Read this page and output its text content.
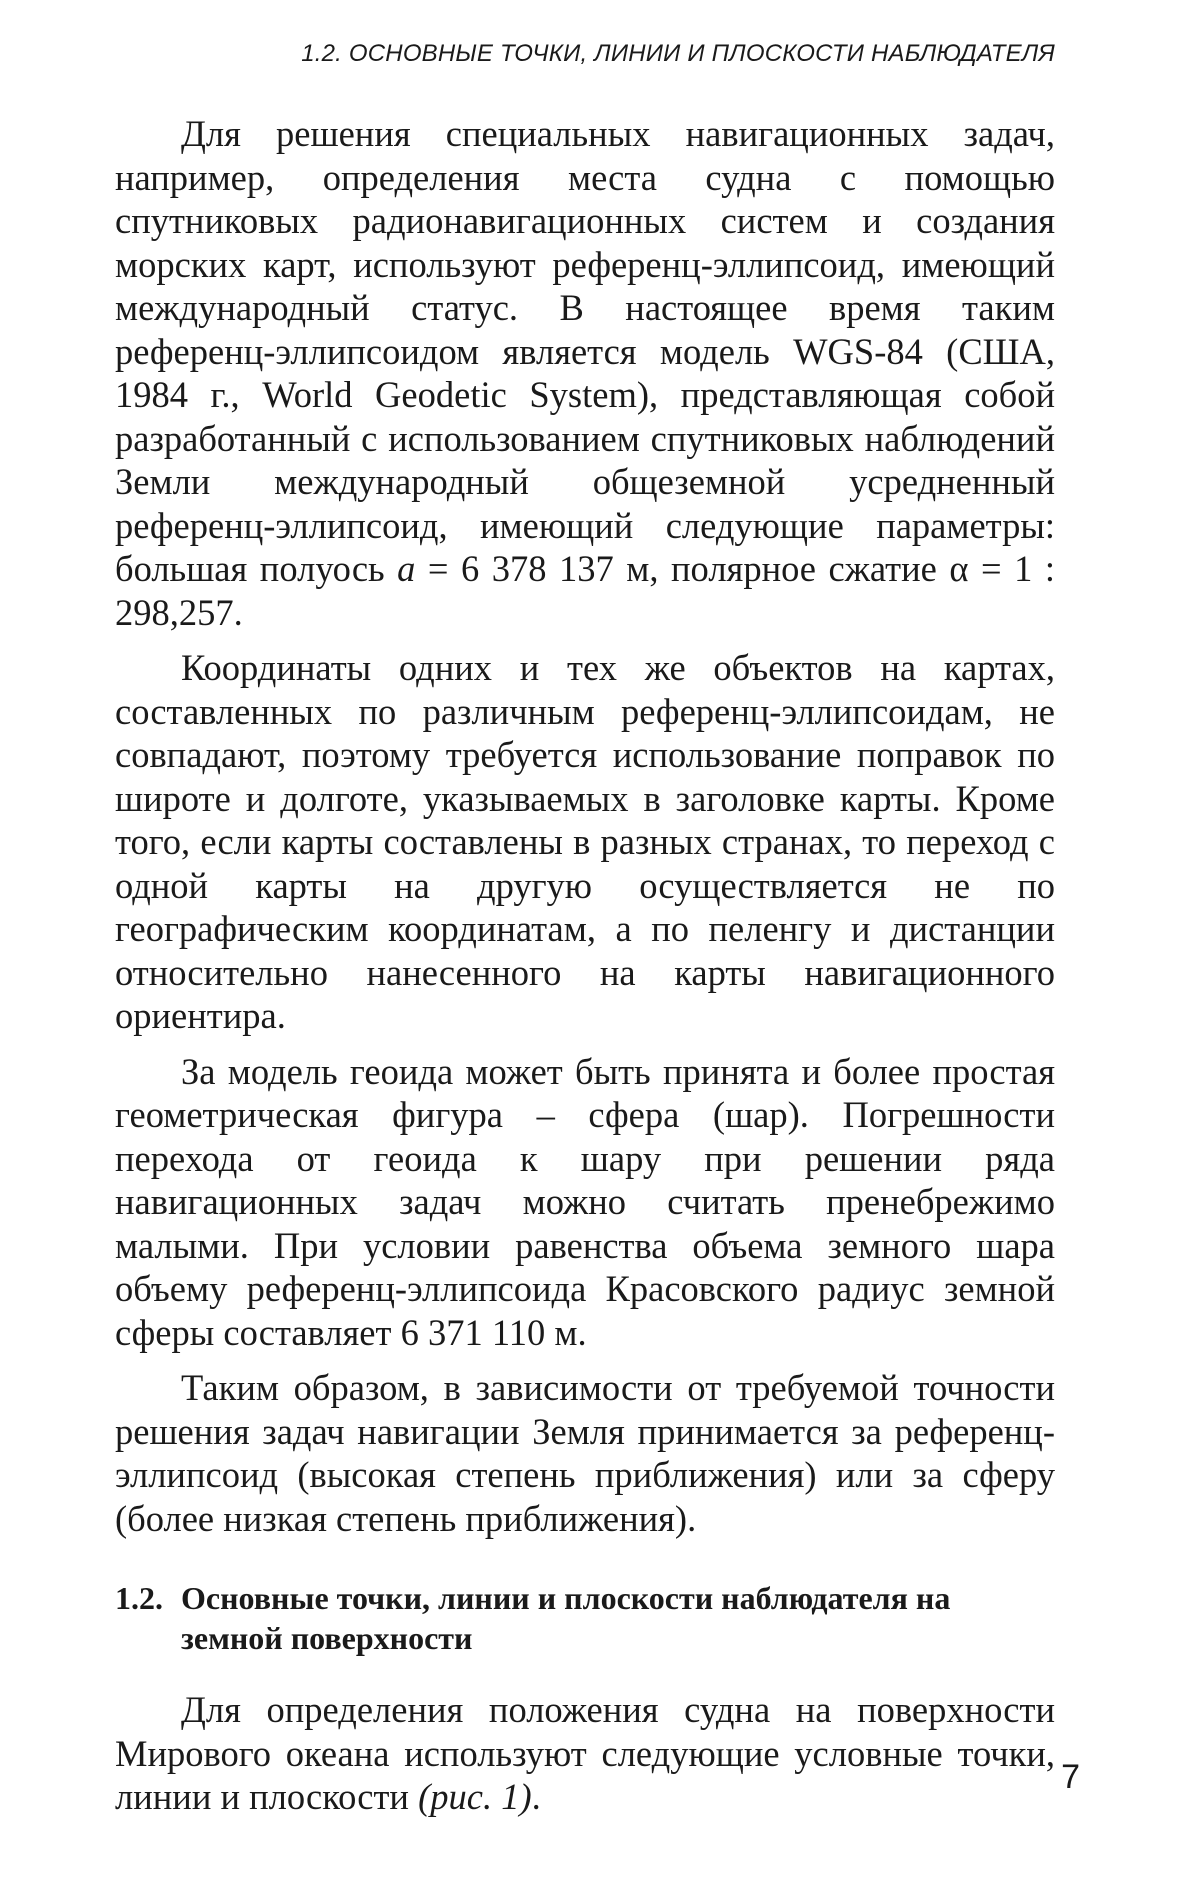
1.2. ОСНОВНЫЕ ТОЧКИ, ЛИНИИ И ПЛОСКОСТИ НАБЛЮДАТЕЛЯ

Для решения специальных навигационных задач, например, определения места судна с помощью спутниковых радионавигационных систем и создания морских карт, используют референц-эллипсоид, имеющий международный статус. В настоящее время таким референц-эллипсоидом является модель WGS-84 (США, 1984 г., World Geodetic System), представляющая собой разработанный с использованием спутниковых наблюдений Земли международный общеземной усредненный референц-эллипсоид, имеющий следующие параметры: большая полуось a = 6 378 137 м, полярное сжатие α = 1 : 298,257.

Координаты одних и тех же объектов на картах, составленных по различным референц-эллипсоидам, не совпадают, поэтому требуется использование поправок по широте и долготе, указываемых в заголовке карты. Кроме того, если карты составлены в разных странах, то переход с одной карты на другую осуществляется не по географическим координатам, а по пеленгу и дистанции относительно нанесенного на карты навигационного ориентира.

За модель геоида может быть принята и более простая геометрическая фигура – сфера (шар). Погрешности перехода от геоида к шару при решении ряда навигационных задач можно считать пренебрежимо малыми. При условии равенства объема земного шара объему референц-эллипсоида Красовского радиус земной сферы составляет 6 371 110 м.

Таким образом, в зависимости от требуемой точности решения задач навигации Земля принимается за референц-эллипсоид (высокая степень приближения) или за сферу (более низкая степень приближения).

1.2. Основные точки, линии и плоскости наблюдателя на земной поверхности

Для определения положения судна на поверхности Мирового океана используют следующие условные точки, линии и плоскости (рис. 1).	7
